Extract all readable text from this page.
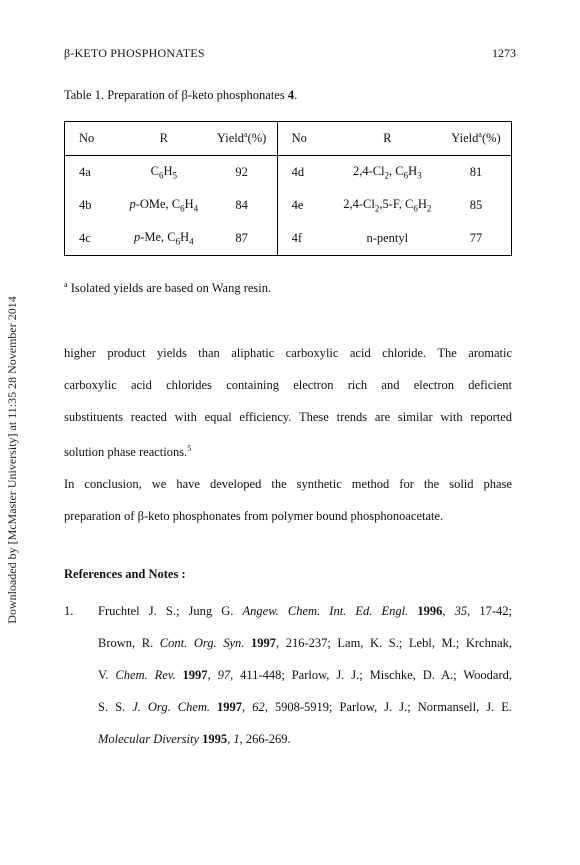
Downloaded by [McMaster University] at 11:35 28 November 2014
β-KETO PHOSPHONATES	1273
Table 1. Preparation of β-keto phosphonates 4.
No	R	Yield$^a$(%)	No	R	Yield$^a$(%)
4a	$C_6H_5$	92	4d	$2,4-Cl_2$, $C_6H_3$	81
4b	p-OMe, $C_6H_4$	84	4e	$2,4-Cl_2,5-F$, $C_6H_2$	85
4c	p-Me, $C_6H_4$	87	4f	n-pentyl	77
$^a$ Isolated yields are based on Wang resin.

higher product yields than aliphatic carboxylic acid chloride. The aromatic
carboxylic acid chlorides containing electron rich and electron deficient
substituents reacted with equal efficiency. These trends are similar with reported
solution phase reactions.$^5$

In conclusion, we have developed the synthetic method for the solid phase
preparation of β-keto phosphonates from polymer bound phosphonoacetate.

References and Notes :
1. Fruchtel J. S.; Jung G. Angew. Chem. Int. Ed. Engl. 1996, 35, 17-42;
Brown, R. Cont. Org. Syn. 1997, 216-237; Lam, K. S.; Lebl, M.; Krchnak,
V. Chem. Rev. 1997, 97, 411-448; Parlow, J. J.; Mischke, D. A.; Woodard,
S. S. J. Org. Chem. 1997, 62, 5908-5919; Parlow, J. J.; Normansell, J. E.
Molecular Diversity 1995, 1, 266-269.
